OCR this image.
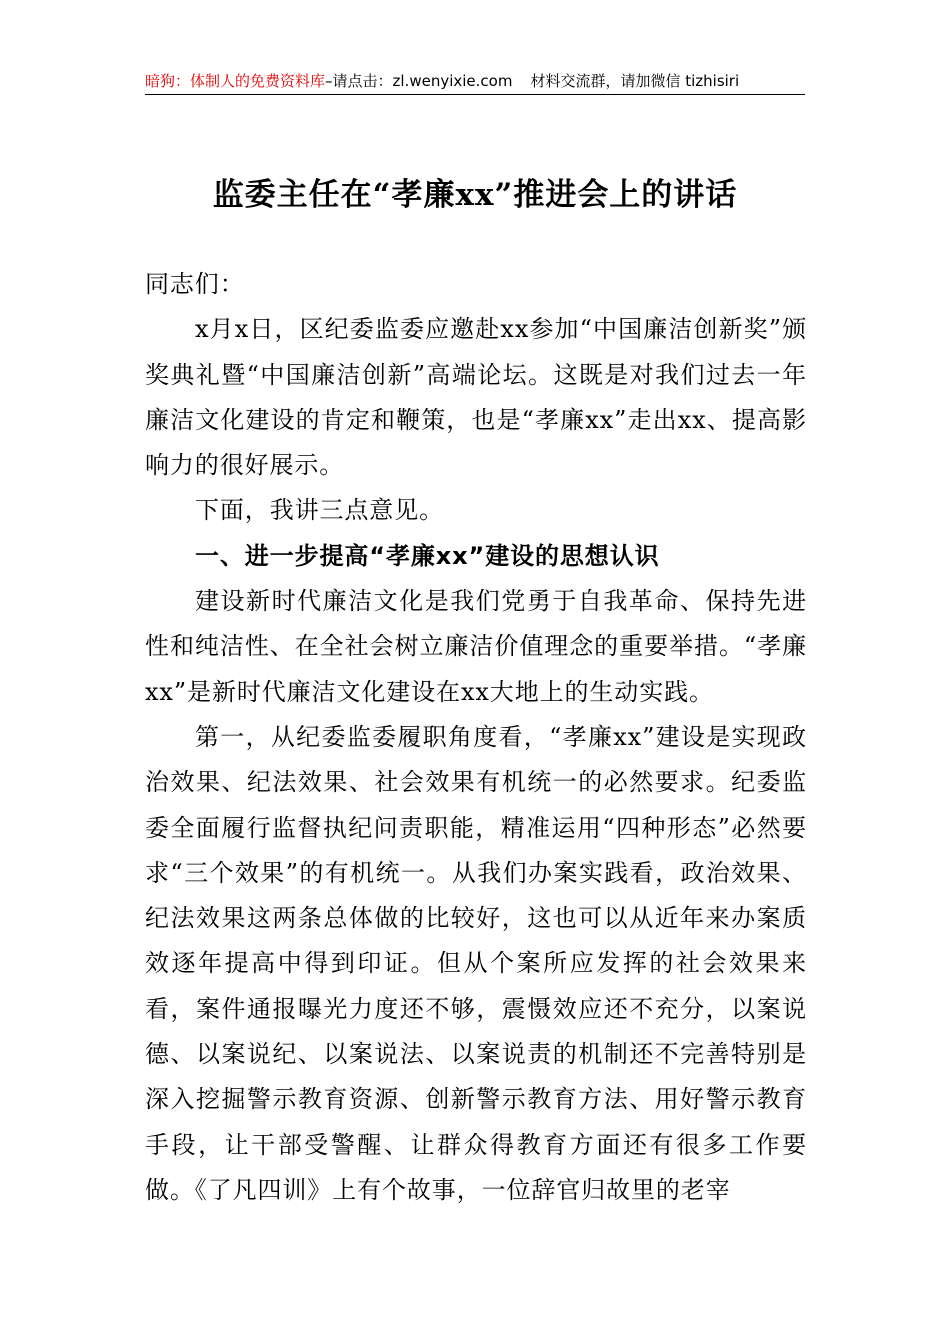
暗狗：体制人的免费资料库–请点击：zl.wenyixie.com 材料交流群，请加微信 tizhisiri
监委主任在“孝廉xx”推进会上的讲话

同志们：

x月x日，区纪委监委应邀赴xx参加“中国廉洁创新奖”颁奖典礼暨“中国廉洁创新”高端论坛。这既是对我们过去一年廉洁文化建设的肯定和鞭策，也是“孝廉xx”走出xx、提高影响力的很好展示。

下面，我讲三点意见。

一、进一步提高“孝廉xx”建设的思想认识

建设新时代廉洁文化是我们党勇于自我革命、保持先进性和纯洁性、在全社会树立廉洁价值理念的重要举措。“孝廉xx”是新时代廉洁文化建设在xx大地上的生动实践。

第一，从纪委监委履职角度看，“孝廉xx”建设是实现政治效果、纪法效果、社会效果有机统一的必然要求。纪委监委全面履行监督执纪问责职能，精准运用“四种形态”必然要求“三个效果”的有机统一。从我们办案实践看，政治效果、纪法效果这两条总体做的比较好，这也可以从近年来办案质效逐年提高中得到印证。但从个案所应发挥的社会效果来看，案件通报曝光力度还不够，震慑效应还不充分，以案说德、以案说纪、以案说法、以案说责的机制还不完善特别是深入挖掘警示教育资源、创新警示教育方法、用好警示教育手段，让干部受警醒、让群众得教育方面还有很多工作要做。《了凡四训》上有个故事，一位辞官归故里的老宰
